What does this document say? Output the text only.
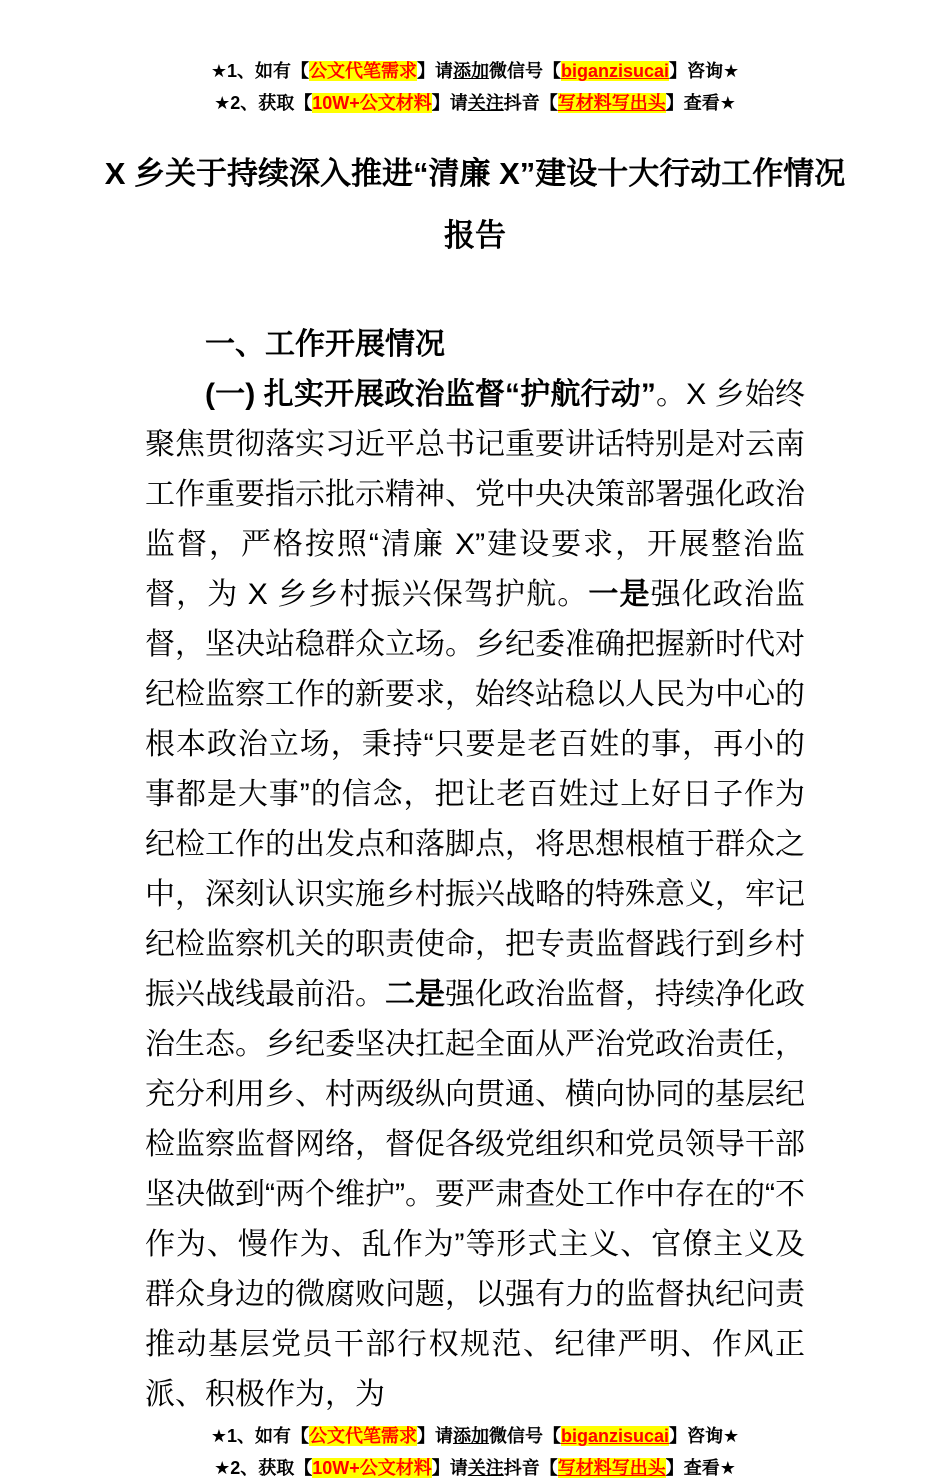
★1、如有【公文代笔需求】请添加微信号【biganzisucai】咨询★
★2、获取【10W+公文材料】请关注抖音【写材料写出头】查看★
X 乡关于持续深入推进“清廉 X”建设十大行动工作情况报告
一、工作开展情况

(一) 扎实开展政治监督“护航行动”。X 乡始终聚焦贯彻落实习近平总书记重要讲话特别是对云南工作重要指示批示精神、党中央决策部署强化政治监督，严格按照“清廉 X”建设要求，开展整治监督，为 X 乡乡村振兴保驾护航。一是强化政治监督，坚决站稳群众立场。乡纪委准确把握新时代对纪检监察工作的新要求，始终站稳以人民为中心的根本政治立场，秉持“只要是老百姓的事，再小的事都是大事”的信念，把让老百姓过上好日子作为纪检工作的出发点和落脚点，将思想根植于群众之中，深刻认识实施乡村振兴战略的特殊意义，牢记纪检监察机关的职责使命，把专责监督践行到乡村振兴战线最前沿。二是强化政治监督，持续净化政治生态。乡纪委坚决扛起全面从严治党政治责任，充分利用乡、村两级纵向贯通、横向协同的基层纪检监察监督网络，督促各级党组织和党员领导干部坚决做到“两个维护”。要严肃查处工作中存在的“不作为、慢作为、乱作为”等形式主义、官僚主义及群众身边的微腐败问题，以强有力的监督执纪问责推动基层党员干部行权规范、纪律严明、作风正派、积极作为，为

★1、如有【公文代笔需求】请添加微信号【biganzisucai】咨询★
★2、获取【10W+公文材料】请关注抖音【写材料写出头】查看★
